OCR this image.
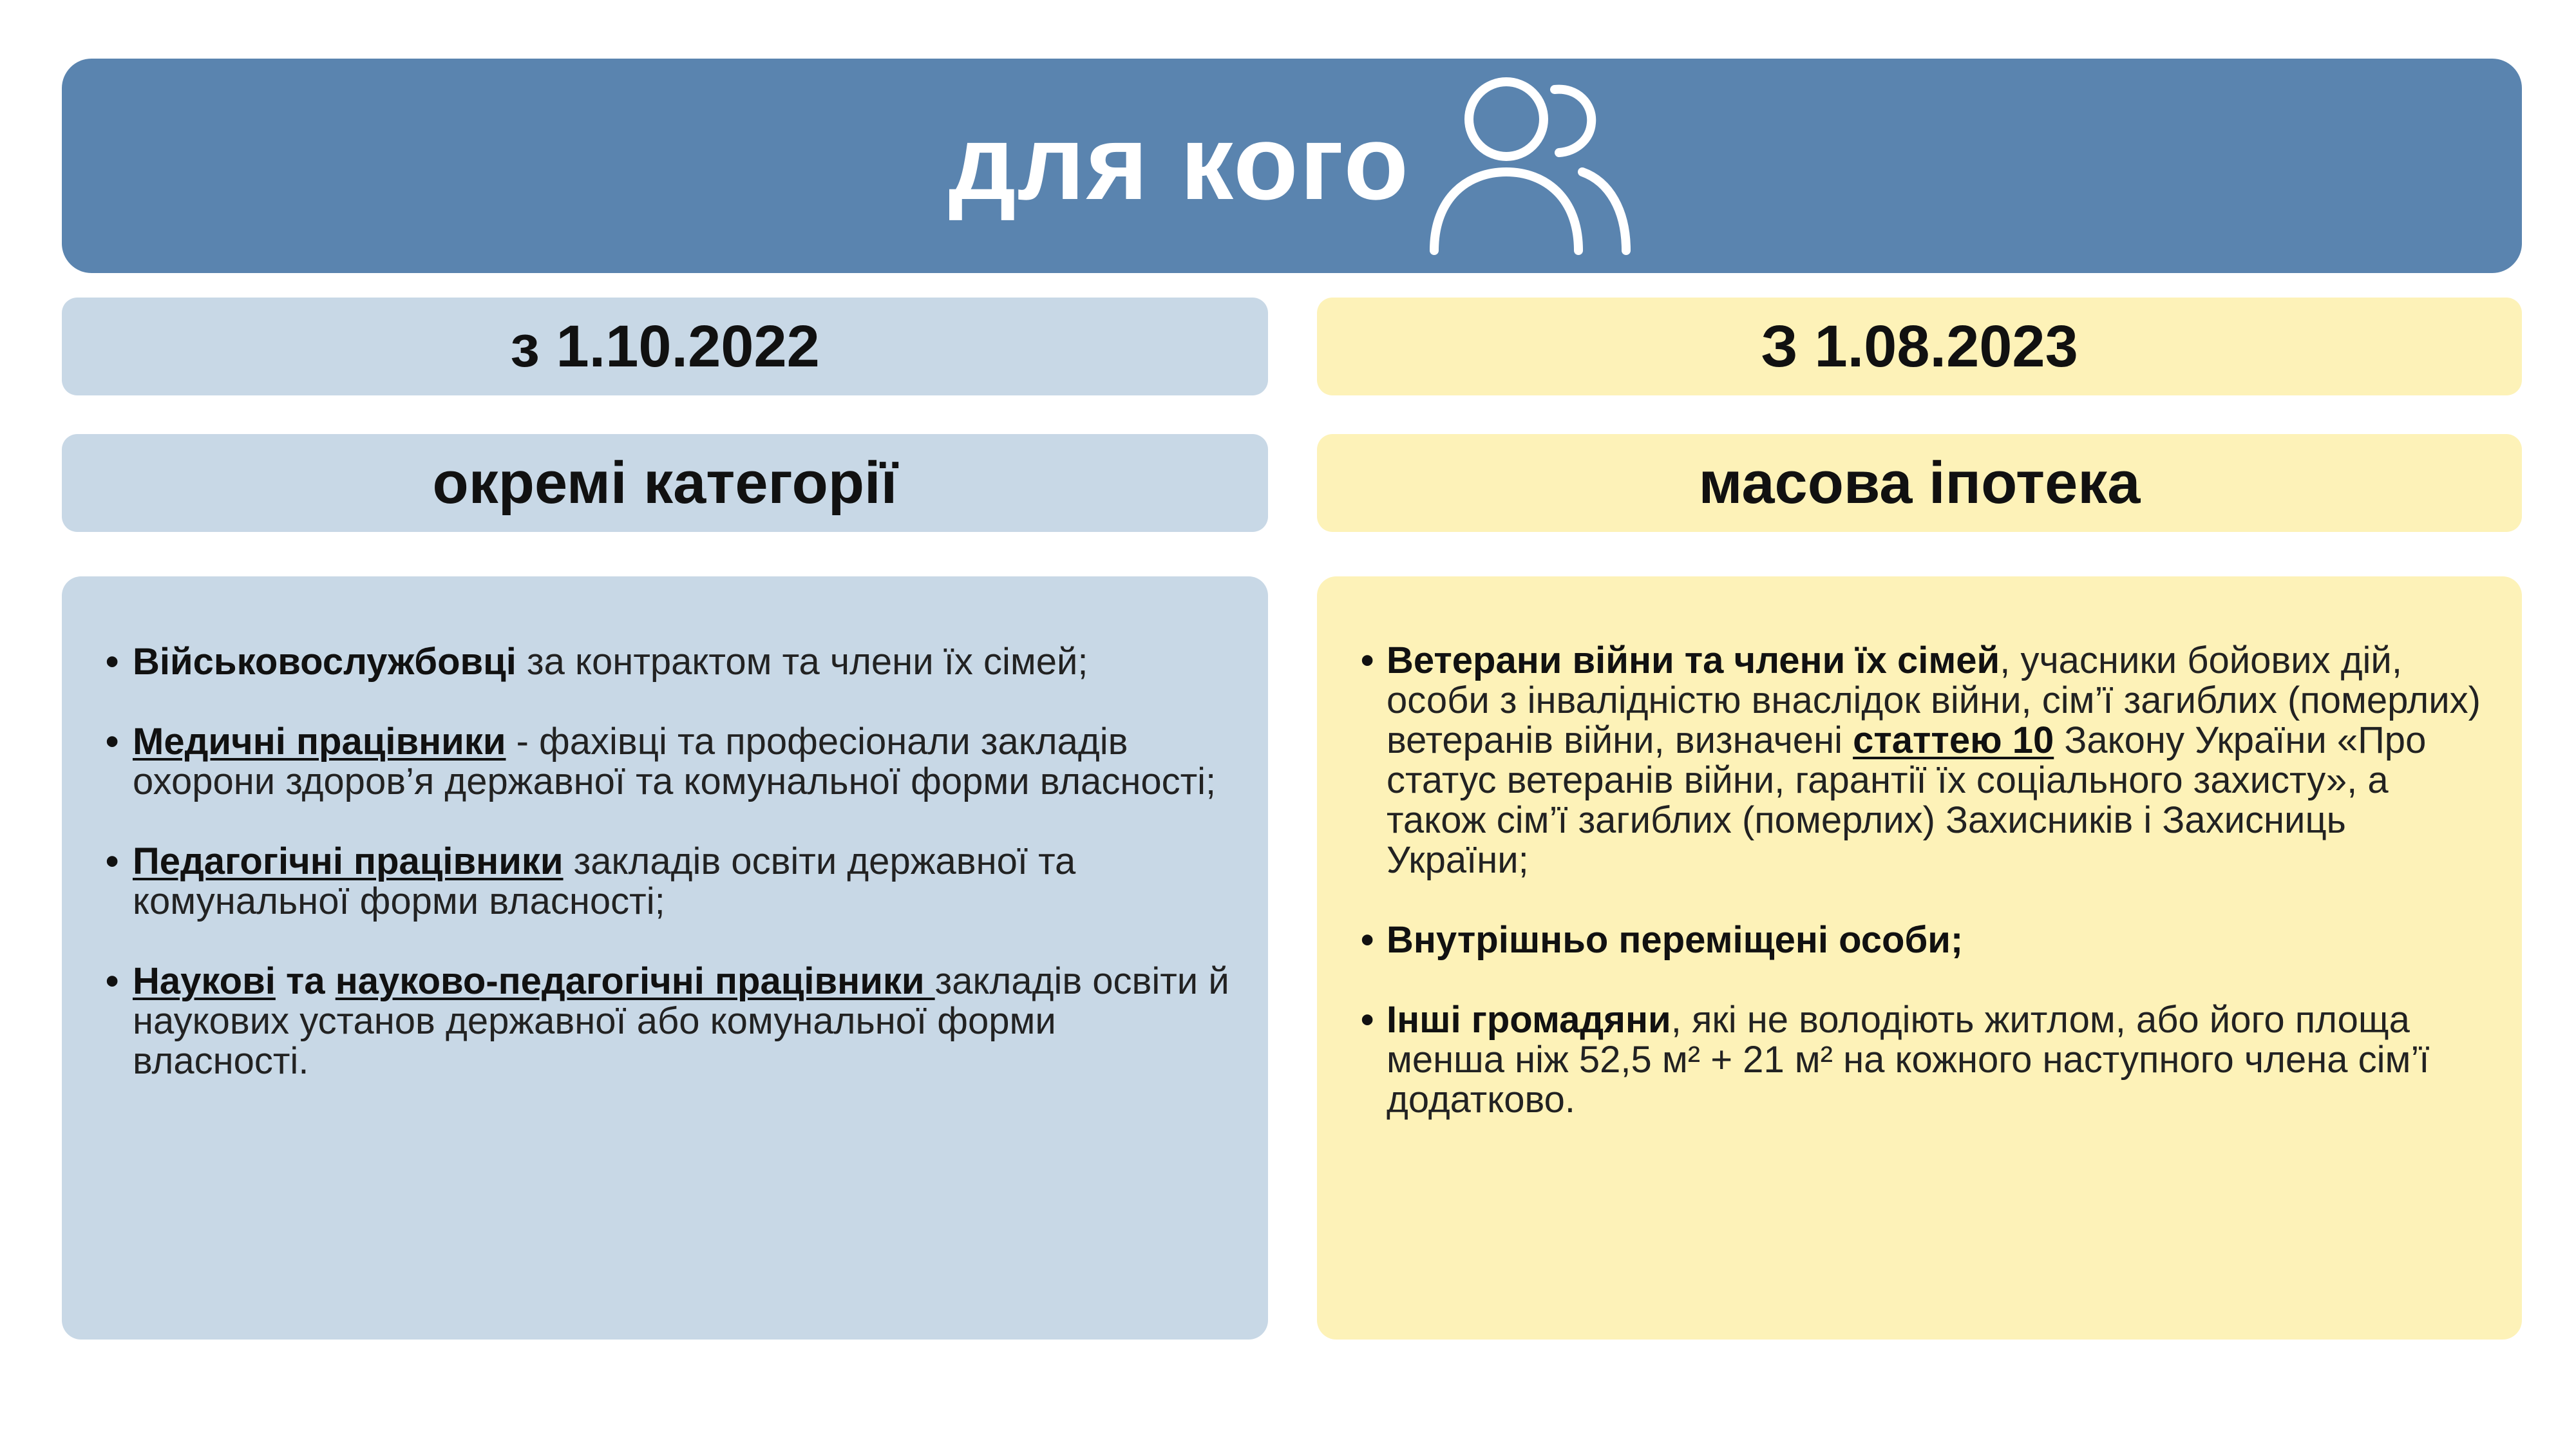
для кого
з 1.10.2022	З 1.08.2023
окремі категорії	масова іпотека
• Військовослужбовці за контрактом та члени їх сімей;
• Медичні працівники - фахівці та професіонали закладів охорони здоров’я державної та комунальної форми власності;
• Педагогічні працівники закладів освіти державної та комунальної форми власності;
• Наукові та науково-педагогічні працівники закладів освіти й наукових установ державної або комунальної форми власності.
• Ветерани війни та члени їх сімей, учасники бойових дій, особи з інвалідністю внаслідок війни, сім’ї загиблих (померлих) ветеранів війни, визначені статтею 10 Закону України «Про статус ветеранів війни, гарантії їх соціального захисту», а також сім’ї загиблих (померлих) Захисників і Захисниць України;
• Внутрішньо переміщені особи;
• Інші громадяни, які не володіють житлом, або його площа менша ніж 52,5 м² + 21 м² на кожного наступного члена сім’ї додатково.
